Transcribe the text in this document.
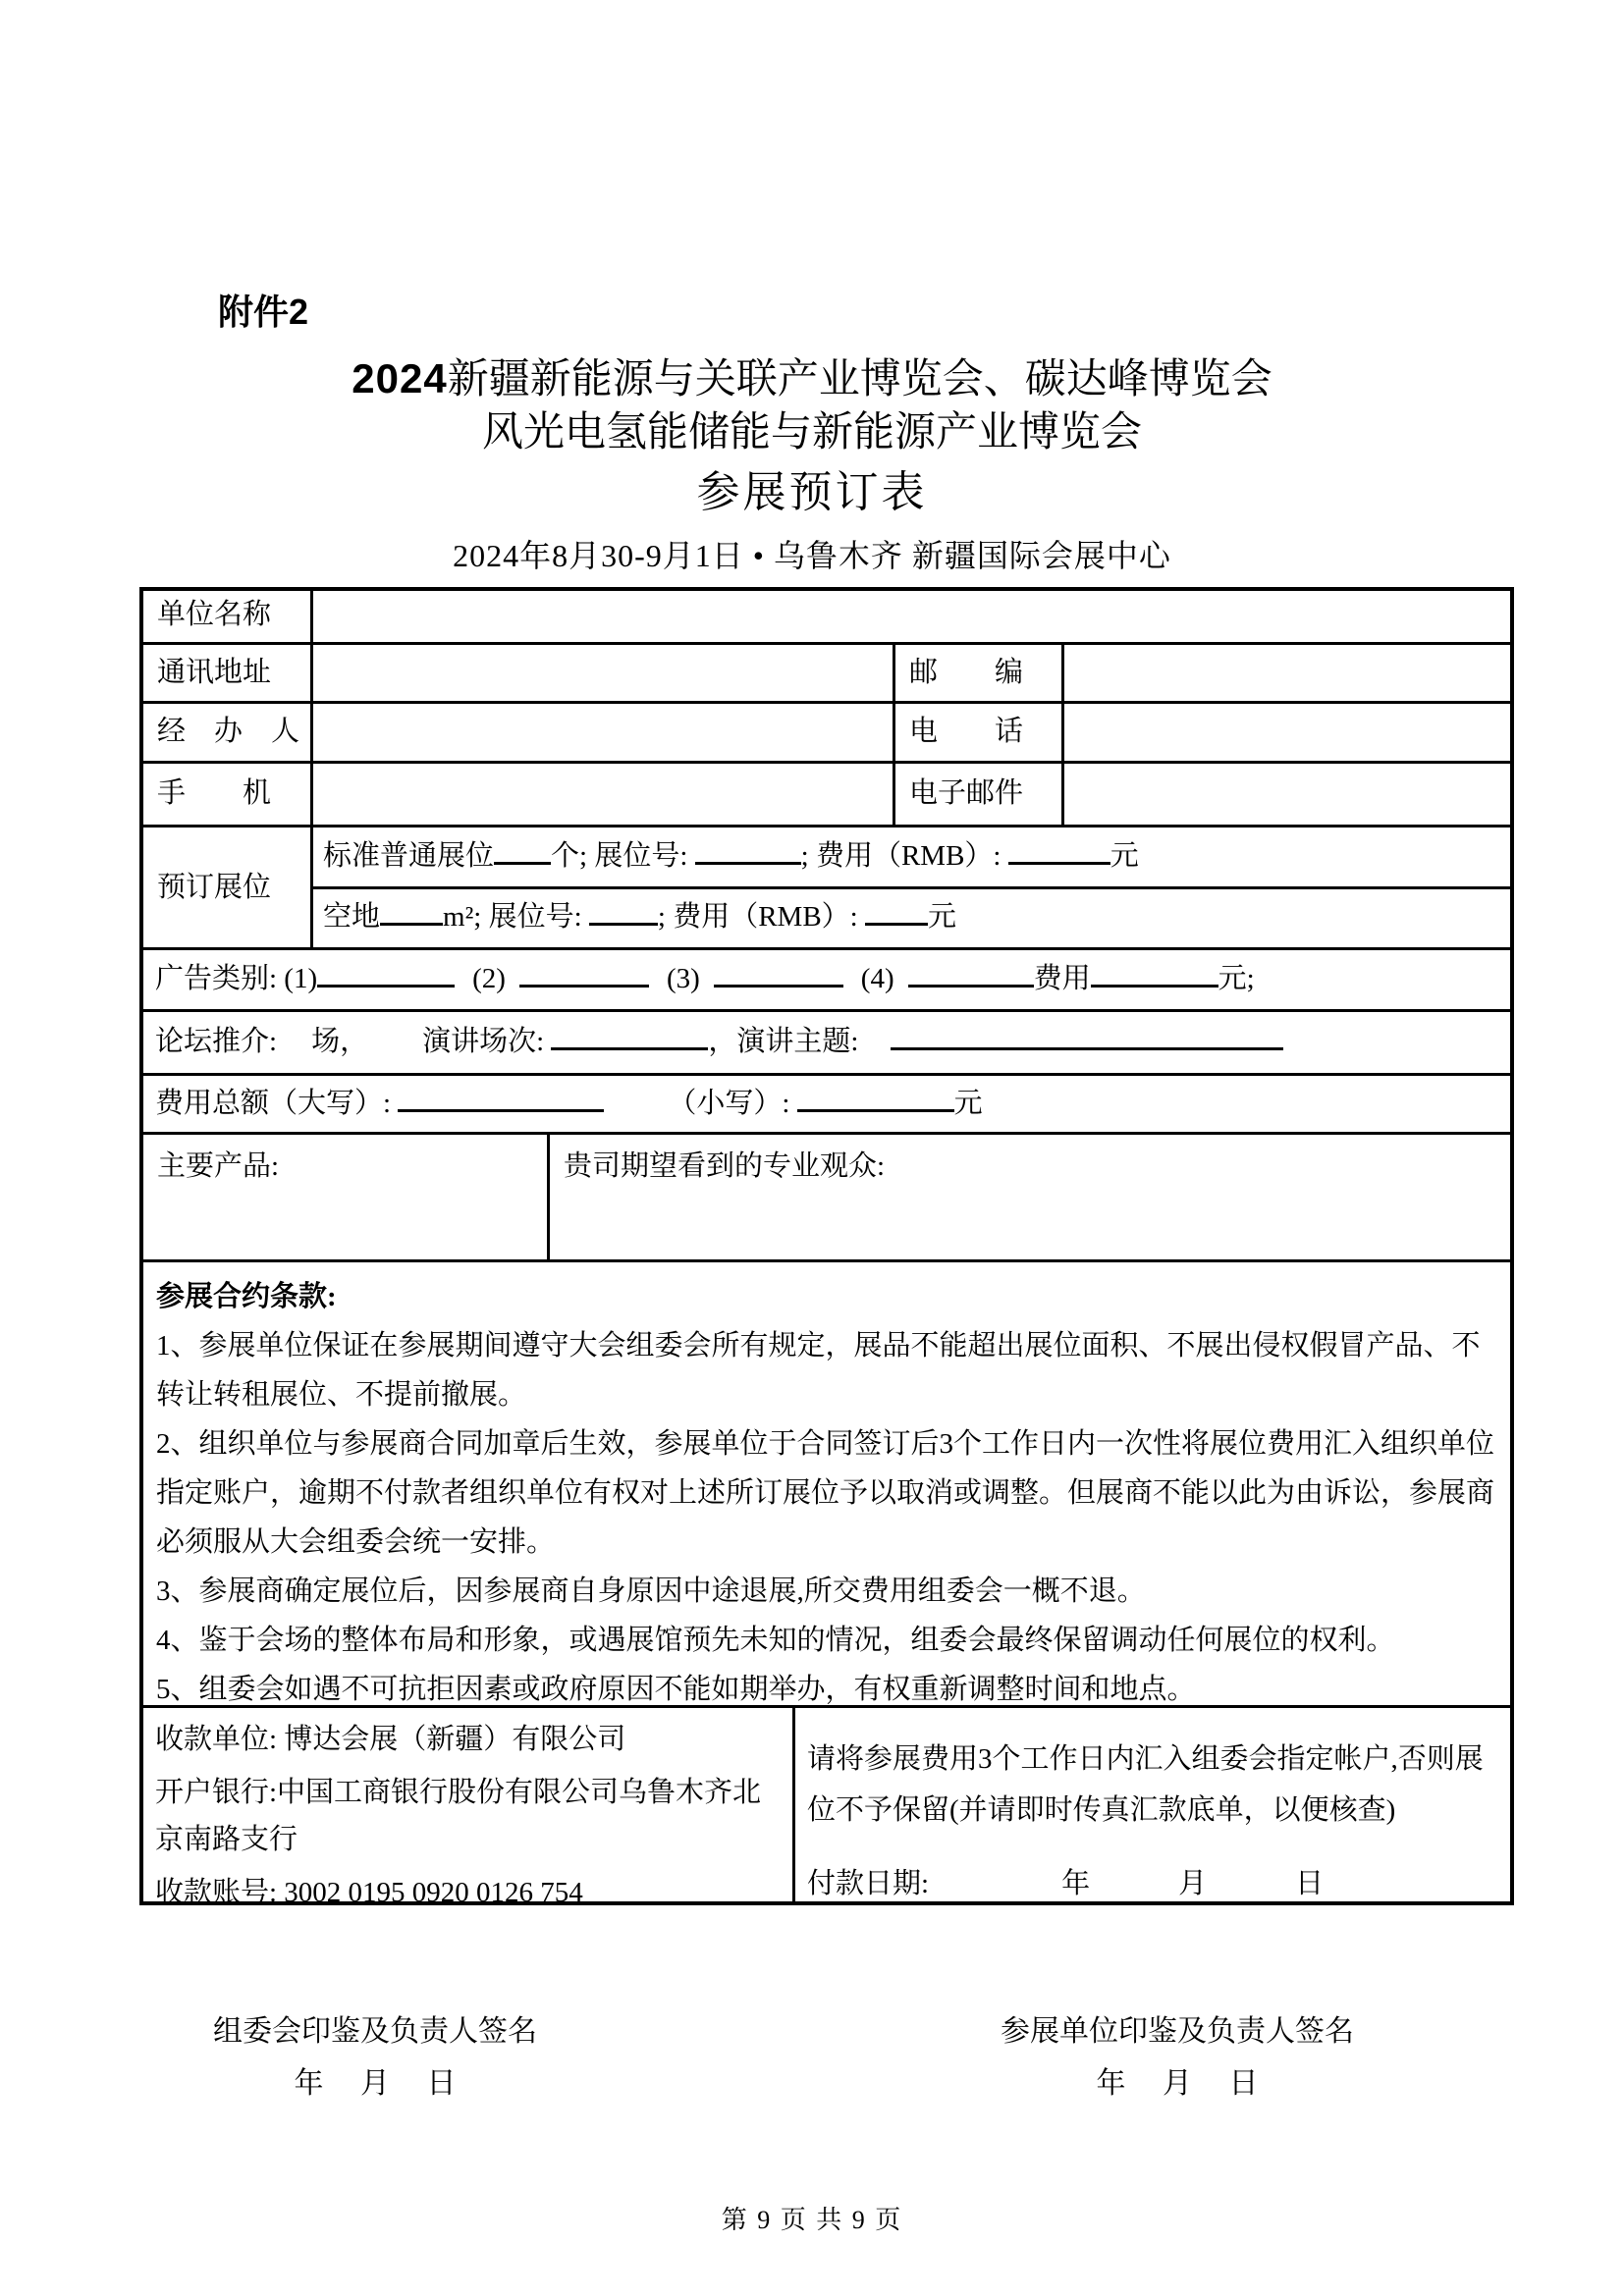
附件2
2024新疆新能源与关联产业博览会、碳达峰博览会
风光电氢能储能与新能源产业博览会
参展预订表
2024年8月30-9月1日 • 乌鲁木齐 新疆国际会展中心
单位名称
通讯地址	邮　　编
经　办　人	电　　话
手　　机	电子邮件
预订展位
标准普通展位 个; 展位号:	; 费用（RMB）:	元
空地 m²; 展位号: ; 费用（RMB）: 元
广告类别: (1)	(2)	(3)	(4)	费用	元;
论坛推介: 场， 演讲场次:	，演讲主题:
费用总额（大写）:	（小写）:	元
主要产品:	贵司期望看到的专业观众:

参展合约条款:

1、参展单位保证在参展期间遵守大会组委会所有规定，展品不能超出展位面积、不展出侵权假冒产品、不转让转租展位、不提前撤展。

2、组织单位与参展商合同加章后生效，参展单位于合同签订后3个工作日内一次性将展位费用汇入组织单位指定账户，逾期不付款者组织单位有权对上述所订展位予以取消或调整。但展商不能以此为由诉讼，参展商必须服从大会组委会统一安排。

3、参展商确定展位后，因参展商自身原因中途退展,所交费用组委会一概不退。

4、鉴于会场的整体布局和形象，或遇展馆预先未知的情况，组委会最终保留调动任何展位的权利。

5、组委会如遇不可抗拒因素或政府原因不能如期举办，有权重新调整时间和地点。

收款单位: 博达会展（新疆）有限公司

开户银行:中国工商银行股份有限公司乌鲁木齐北京南路支行

收款账号: 3002 0195 0920 0126 754

请将参展费用3个工作日内汇入组委会指定帐户,否则展位不予保留(并请即时传真汇款底单，以便核查)

付款日期:	年	月	日

组委会印鉴及负责人签名
年　 月　 日
参展单位印鉴及负责人签名
年　 月　 日
第 9 页 共 9 页
